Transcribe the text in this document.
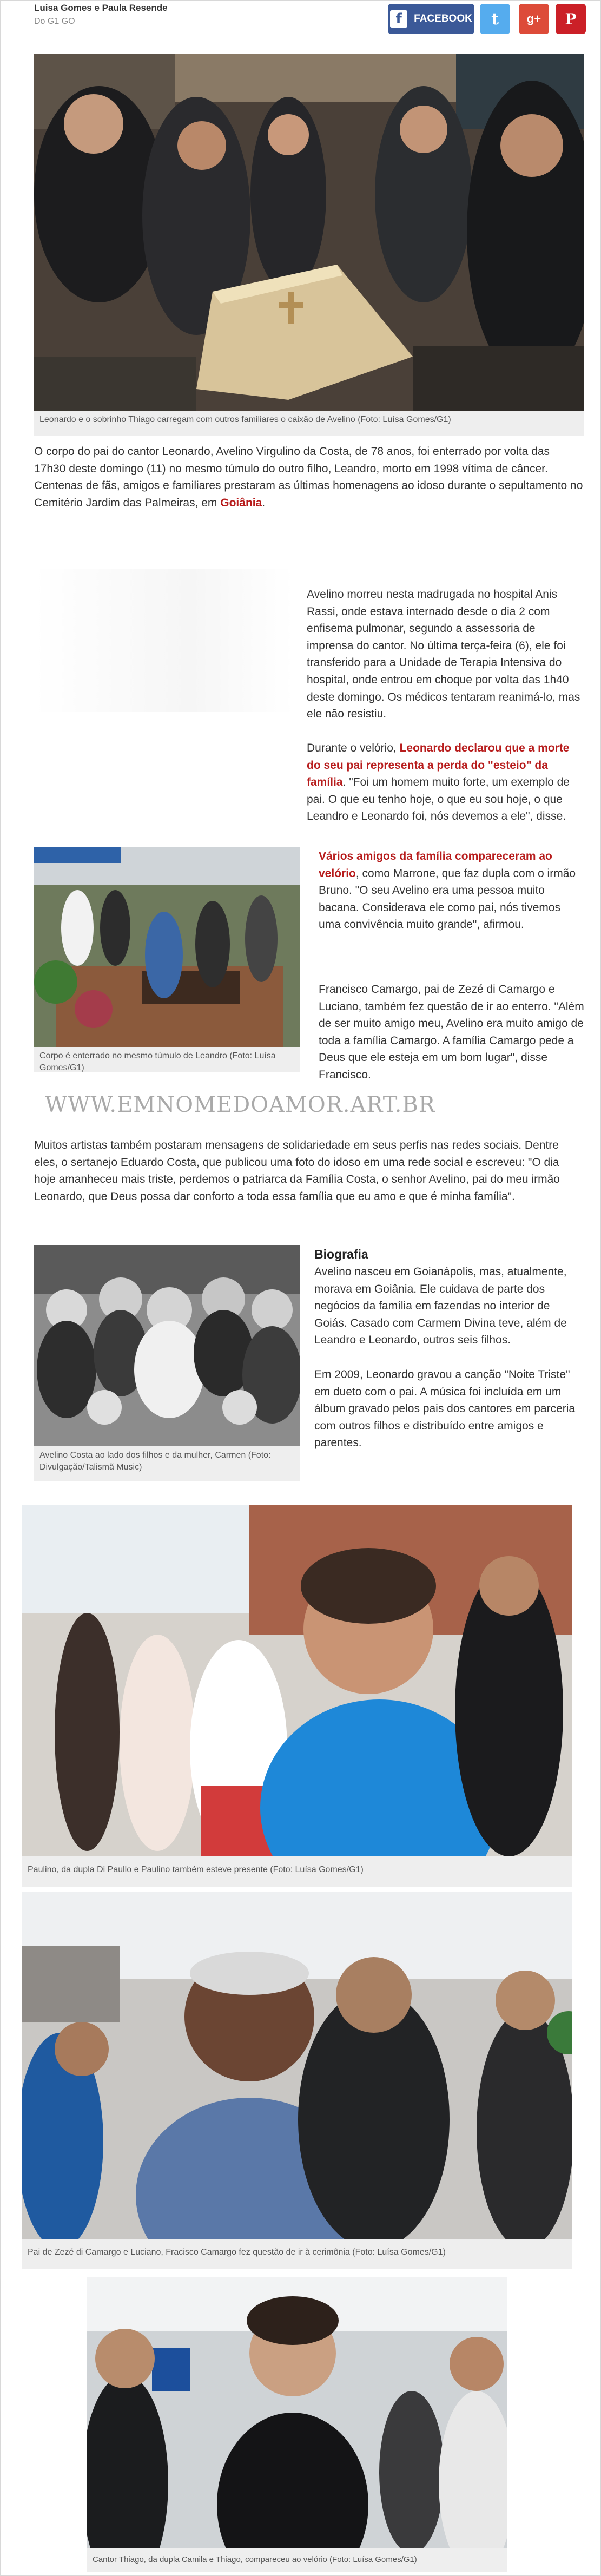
Luisa Gomes e Paula Resende
Do G1 GO	f	FACEBOOK t g+ P
Leonardo e o sobrinho Thiago carregam com outros familiares o caixão de Avelino (Foto: Luísa Gomes/G1)
O corpo do pai do cantor Leonardo, Avelino Virgulino da Costa, de 78 anos, foi enterrado por volta das 17h30 deste domingo (11) no mesmo túmulo do outro filho, Leandro, morto em 1998 vítima de câncer. Centenas de fãs, amigos e familiares prestaram as últimas homenagens ao idoso durante o sepultamento no Cemitério Jardim das Palmeiras, em Goiânia.
Avelino morreu nesta madrugada no hospital Anis Rassi, onde estava internado desde o dia 2 com enfisema pulmonar, segundo a assessoria de imprensa do cantor. No última terça-feira (6), ele foi transferido para a Unidade de Terapia Intensiva do hospital, onde entrou em choque por volta das 1h40 deste domingo. Os médicos tentaram reanimá-lo, mas ele não resistiu.
Durante o velório, Leonardo declarou que a morte do seu pai representa a perda do "esteio" da família. "Foi um homem muito forte, um exemplo de pai. O que eu tenho hoje, o que eu sou hoje, o que Leandro e Leonardo foi, nós devemos a ele", disse.
Corpo é enterrado no mesmo túmulo de Leandro (Foto: Luísa Gomes/G1)
Vários amigos da família compareceram ao velório, como Marrone, que faz dupla com o irmão Bruno. "O seu Avelino era uma pessoa muito bacana. Considerava ele como pai, nós tivemos uma convivência muito grande", afirmou.
Francisco Camargo, pai de Zezé di Camargo e Luciano, também fez questão de ir ao enterro. "Além de ser muito amigo meu, Avelino era muito amigo de toda a família Camargo. A família Camargo pede a Deus que ele esteja em um bom lugar", disse Francisco.
WWW.EMNOMEDOAMOR.ART.BR
Muitos artistas também postaram mensagens de solidariedade em seus perfis nas redes sociais. Dentre eles, o sertanejo Eduardo Costa, que publicou uma foto do idoso em uma rede social e escreveu: "O dia hoje amanheceu mais triste, perdemos o patriarca da Família Costa, o senhor Avelino, pai do meu irmão Leonardo, que Deus possa dar conforto a toda essa família que eu amo e que é minha família".
Avelino Costa ao lado dos filhos e da mulher, Carmen (Foto: Divulgação/Talismã Music)
Biografia
Avelino nasceu em Goianápolis, mas, atualmente, morava em Goiânia. Ele cuidava de parte dos negócios da família em fazendas no interior de Goiás. Casado com Carmem Divina teve, além de Leandro e Leonardo, outros seis filhos.
Em 2009, Leonardo gravou a canção "Noite Triste" em dueto com o pai. A música foi incluída em um álbum gravado pelos pais dos cantores em parceria com outros filhos e distribuído entre amigos e parentes.
Paulino, da dupla Di Paullo e Paulino também esteve presente (Foto: Luísa Gomes/G1)
Pai de Zezé di Camargo e Luciano, Fracisco Camargo fez questão de ir à cerimônia (Foto: Luísa Gomes/G1)
Cantor Thiago, da dupla Camila e Thiago, compareceu ao velório (Foto: Luísa Gomes/G1)
